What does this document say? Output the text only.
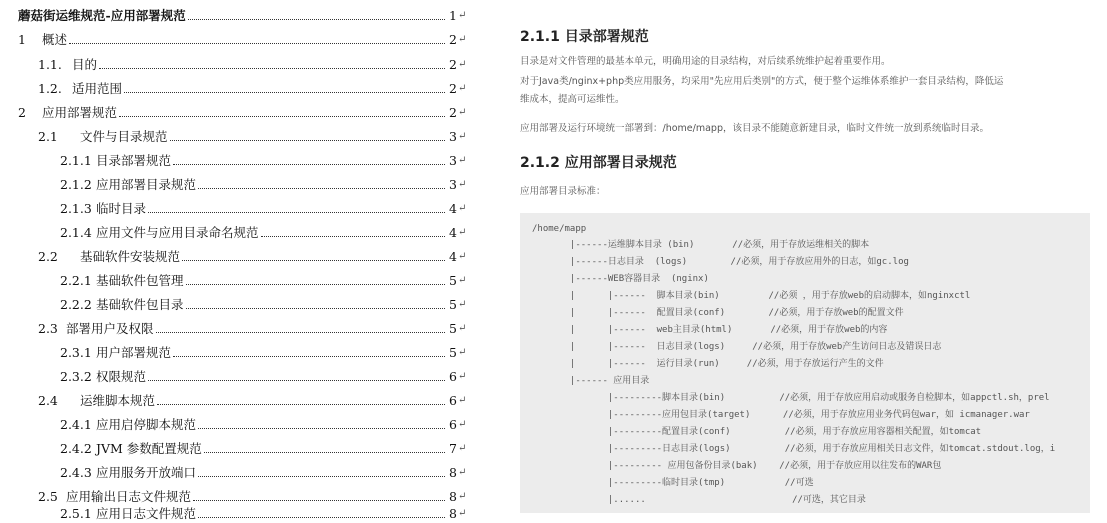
蘑菇街运维规范-应用部署规范	1 ↵
1	概述	2 ↵
1.1. 目的	2 ↵
1.2. 适用范围	2 ↵
2	应用部署规范	2 ↵
2.1	文件与目录规范	3 ↵
2.1.1 目录部署规范	3 ↵
2.1.2 应用部署目录规范	3 ↵
2.1.3 临时目录	4 ↵
2.1.4 应用文件与应用目录命名规范	4 ↵
2.2	基础软件安装规范	4 ↵
2.2.1 基础软件包管理	5 ↵
2.2.2 基础软件包目录	5 ↵
2.3 部署用户及权限	5 ↵
2.3.1 用户部署规范	5 ↵
2.3.2 权限规范	6 ↵
2.4	运维脚本规范	6 ↵
2.4.1 应用启停脚本规范	6 ↵
2.4.2 JVM 参数配置规范	7 ↵
2.4.3 应用服务开放端口	8 ↵
2.5 应用输出日志文件规范	8 ↵
2.5.1 应用日志文件规范	8 ↵
2.1.1 目录部署规范
目录是对文件管理的最基本单元，明确用途的目录结构，对后续系统维护起着重要作用。
对于Java类/nginx+php类应用服务，均采用"先应用后类别"的方式，便于整个运维体系维护一套目录结构，降低运
维成本，提高可运维性。
应用部署及运行环境统一部署到：/home/mapp，该目录不能随意新建目录，临时文件统一放到系统临时目录。
2.1.2 应用部署目录规范
应用部署目录标准：
/home/mapp
|------运维脚本目录 (bin)       //必须，用于存放运维相关的脚本
|------日志目录  (logs)        //必须，用于存放应用外的日志，如gc.log
|------WEB容器目录  (nginx)
|      |------  脚本目录(bin)         //必须 ，用于存放web的启动脚本，如nginxctl
|      |------  配置目录(conf)        //必须，用于存放web的配置文件
|      |------  web主目录(html)       //必须，用于存放web的内容
|      |------  日志目录(logs)     //必须，用于存放web产生访问日志及错误日志
|      |------  运行目录(run)     //必须，用于存放运行产生的文件
|------ 应用目录
|---------脚本目录(bin)          //必须，用于存放应用启动或服务自检脚本，如appctl.sh，prel
|---------应用包目录(target)      //必须，用于存放应用业务代码包war，如 icmanager.war
|---------配置目录(conf)          //必须，用于存放应用容器相关配置，如tomcat
|---------日志目录(logs)          //必须，用于存放应用相关日志文件，如tomcat.stdout.log，i
|--------- 应用包备份目录(bak)    //必须，用于存放应用以往发布的WAR包
|---------临时目录(tmp)           //可选
|......                           //可选，其它目录
